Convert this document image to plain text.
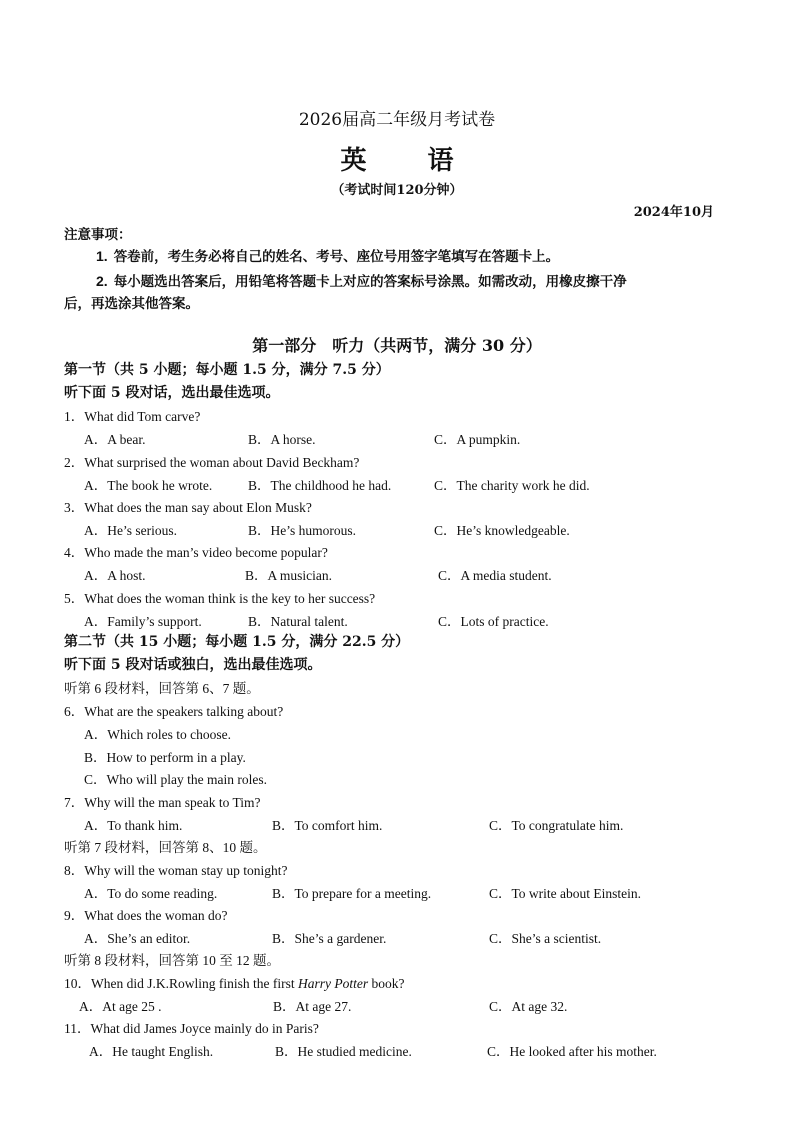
2026届高二年级月考试卷
英 语
（考试时间120分钟）
2024年10月
注意事项：
1. 答卷前，考生务必将自己的姓名、考号、座位号用签字笔填写在答题卡上。
2. 每小题选出答案后，用铅笔将答题卡上对应的答案标号涂黑。如需改动，用橡皮擦干净
后，再选涂其他答案。
第一部分　听力（共两节，满分 30 分）
第一节（共 5 小题；每小题 1.5 分，满分 7.5 分）
听下面 5 段对话，选出最佳选项。
1．What did Tom carve?
A．A bear.	B．A horse.	C．A pumpkin.
2．What surprised the woman about David Beckham?
A．The book he wrote.	B．The childhood he had.	C．The charity work he did.
3．What does the man say about Elon Musk?
A．He’s serious.	B．He’s humorous.	C．He’s knowledgeable.
4．Who made the man’s video become popular?
A．A host.	B．A musician.	C．A media student.
5．What does the woman think is the key to her success?
A．Family’s support.	B．Natural talent.	C．Lots of practice.
第二节（共 15 小题；每小题 1.5 分，满分 22.5 分）
听下面 5 段对话或独白，选出最佳选项。
听第 6 段材料，回答第 6、7 题。
6．What are the speakers talking about?
A．Which roles to choose.
B．How to perform in a play.
C．Who will play the main roles.
7．Why will the man speak to Tim?
A．To thank him.	B．To comfort him.	C．To congratulate him.
听第 7 段材料，回答第 8、10 题。
8．Why will the woman stay up tonight?
A．To do some reading.	B．To prepare for a meeting.	C．To write about Einstein.
9．What does the woman do?
A．She’s an editor.	B．She’s a gardener.	C．She’s a scientist.
听第 8 段材料，回答第 10 至 12 题。
10．When did J.K.Rowling finish the first Harry Potter book?
A．At age 25 .	B．At age 27.	C．At age 32.
11．What did James Joyce mainly do in Paris?
A．He taught English.	B．He studied medicine.	C．He looked after his mother.
